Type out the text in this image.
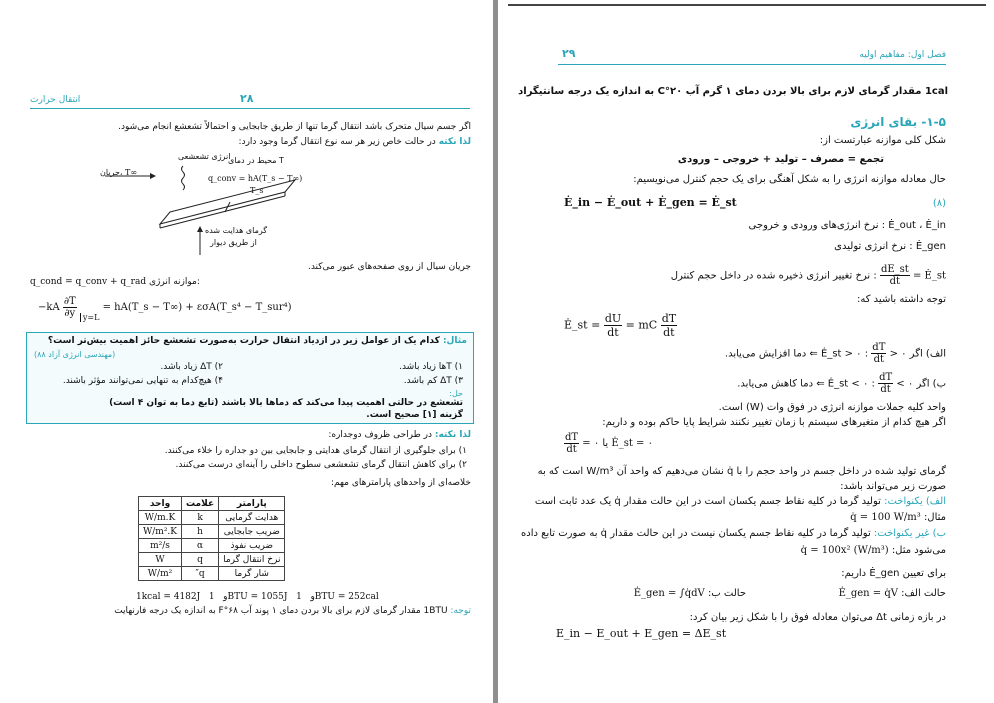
انتقال حرارت	۲۸
اگر جسم سیال متحرک باشد انتقال گرما تنها از طریق جابجایی و احتمالاً تشعشع انجام می‌شود.
لذا نکته در حالت خاص زیر هر سه نوع انتقال گرما وجود دارد:
انرژی تشعشعی
محیط در دمای T
جریان، T∞
q_conv = hA(T_s − T∞)
T_s
گرمای هدایت شده
از طریق دیوار
جریان سیال از روی صفحه‌های عبور می‌کند.
q_cond = q_conv + q_rad موازنه انرژی:
$-kA \frac{\partial T}{\partial y} _{y=L}$ = hA(T_s − T∞) + εσA(T_s⁴ − T_sur⁴)
مثال: کدام یک از عوامل زیر در ازدیاد انتقال حرارت به‌صورت تشعشع حائز اهمیت بیش‌تر است؟
(مهندسی انرژی آزاد ۸۸)
۱) Tها زیاد باشد.
۲) ΔT زیاد باشد.
۳) ΔT کم باشد.
۴) هیچ‌کدام به تنهایی نمی‌توانند مؤثر باشند.
حل:
تشعشع در حالتی اهمیت پیدا می‌کند که دماها بالا باشند (تابع دما به توان ۴ است)
گزینه [۱] صحیح است.
لذا نکته: در طراحی ظروف دوجداره:
۱) برای جلوگیری از انتقال گرمای هدایتی و جابجایی بین دو جداره را خلاء می‌کنند.
۲) برای کاهش انتقال گرمای تشعشعی سطوح داخلی را آینه‌ای درست می‌کنند.
خلاصه‌ای از واحدهای پارامترهای مهم:
پارامتر	علامت	واحد
هدایت گرمایی	k	W/m.K
ضریب جابجایی	h	W/m².K
ضریب نفوذ	α	m²/s
نرخ انتقال گرما	q	W
شار گرما	q″	W/m²
1kcal = 4182J	و   1BTU = 1055J	و   1BTU = 252cal
توجه: 1BTU مقدار گرمای لازم برای بالا بردن دمای ۱ پوند آب ۶۸°F به اندازه یک درجه فارنهایت
فصل اول: مفاهیم اولیه
۲۹
1cal مقدار گرمای لازم برای بالا بردن دمای ۱ گرم آب ۲۰°C به اندازه یک درجه سانتیگراد
۱-۵- بقای انرژی
شکل کلی موازنه عبارتست از:
تجمع = مصرف – تولید + خروجی – ورودی
حال معادله موازنه انرژی را به شکل آهنگی برای یک حجم کنترل می‌نویسیم:
Ė_in − Ė_out + Ė_gen = Ė_st	(۸)
Ė_out ، Ė_in : نرخ انرژی‌های ورودی و خروجی
Ė_gen : نرخ انرژی تولیدی
Ė_st =
$\frac{dE\_st}{dt}$
: نرخ تغییر انرژی ذخیره شده در داخل حجم کنترل
توجه داشته باشید که:
Ė_st = $\frac{dU}{dt}$ = mC $\frac{dT}{dt}$
الف) اگر Ė_st > ۰ :
$\frac{dT}{dt}$
> ۰ ⇐ دما افزایش می‌یابد.
ب) اگر Ė_st < ۰ :
$\frac{dT}{dt}$
< ۰ ⇐ دما کاهش می‌یابد.
واحد کلیه جملات موازنه انرژی در فوق وات (W) است.
اگر هیچ کدام از متغیرهای سیستم با زمان تغییر نکنند شرایط پایا حاکم بوده و داریم:
$\frac{dT}{dt}$ = ۰ یا Ė_st = ۰
گرمای تولید شده در داخل جسم در واحد حجم را با q̇ نشان می‌دهیم که واحد آن W/m³ است که به
صورت زیر می‌تواند باشد:
الف) یکنواخت: تولید گرما در کلیه نقاط جسم یکسان است در این حالت مقدار q̇ یک عدد ثابت است
مثال: q̇ = 100 W/m³
ب) غیر یکنواخت: تولید گرما در کلیه نقاط جسم یکسان نیست در این حالت مقدار q̇ به صورت تابع داده
می‌شود مثل: q̇ = 100x² (W/m³)
برای تعیین Ė_gen داریم:
حالت الف: Ė_gen = q̇V
حالت ب: Ė_gen = ∫q̇dV
در بازه زمانی Δt می‌توان معادله فوق را با شکل زیر بیان کرد:
E_in − E_out + E_gen = ΔE_st
